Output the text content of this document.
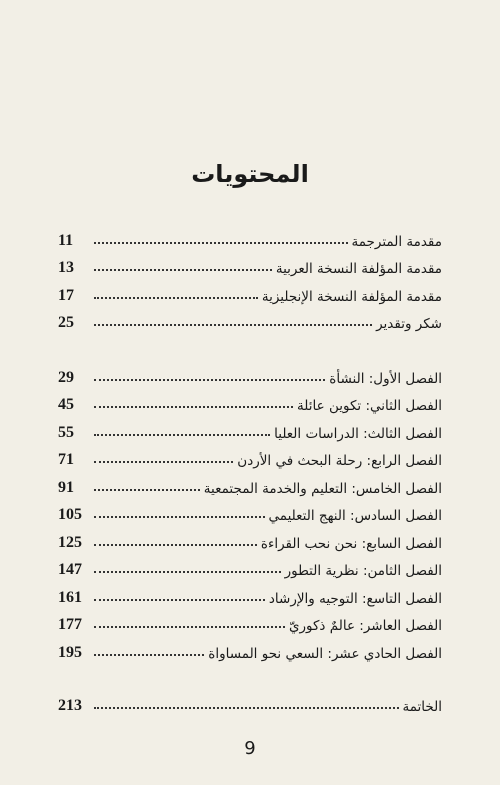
المحتويات
11	مقدمة المترجمة
13	مقدمة المؤلفة النسخة العربية
17	مقدمة المؤلفة النسخة الإنجليزية
25	شكر وتقدير
29	الفصل الأول: النشأة
45	الفصل الثاني: تكوين عائلة
55	الفصل الثالث: الدراسات العليا
71	الفصل الرابع: رحلة البحث في الأردن
91	الفصل الخامس: التعليم والخدمة المجتمعية
105	الفصل السادس: النهج التعليمي
125	الفصل السابع: نحن نحب القراءة
147	الفصل الثامن: نظرية التطور
161	الفصل التاسع: التوجيه والإرشاد
177	الفصل العاشر: عالمٌ ذكوريّ
195	الفصل الحادي عشر: السعي نحو المساواة
213	الخاتمة
9
